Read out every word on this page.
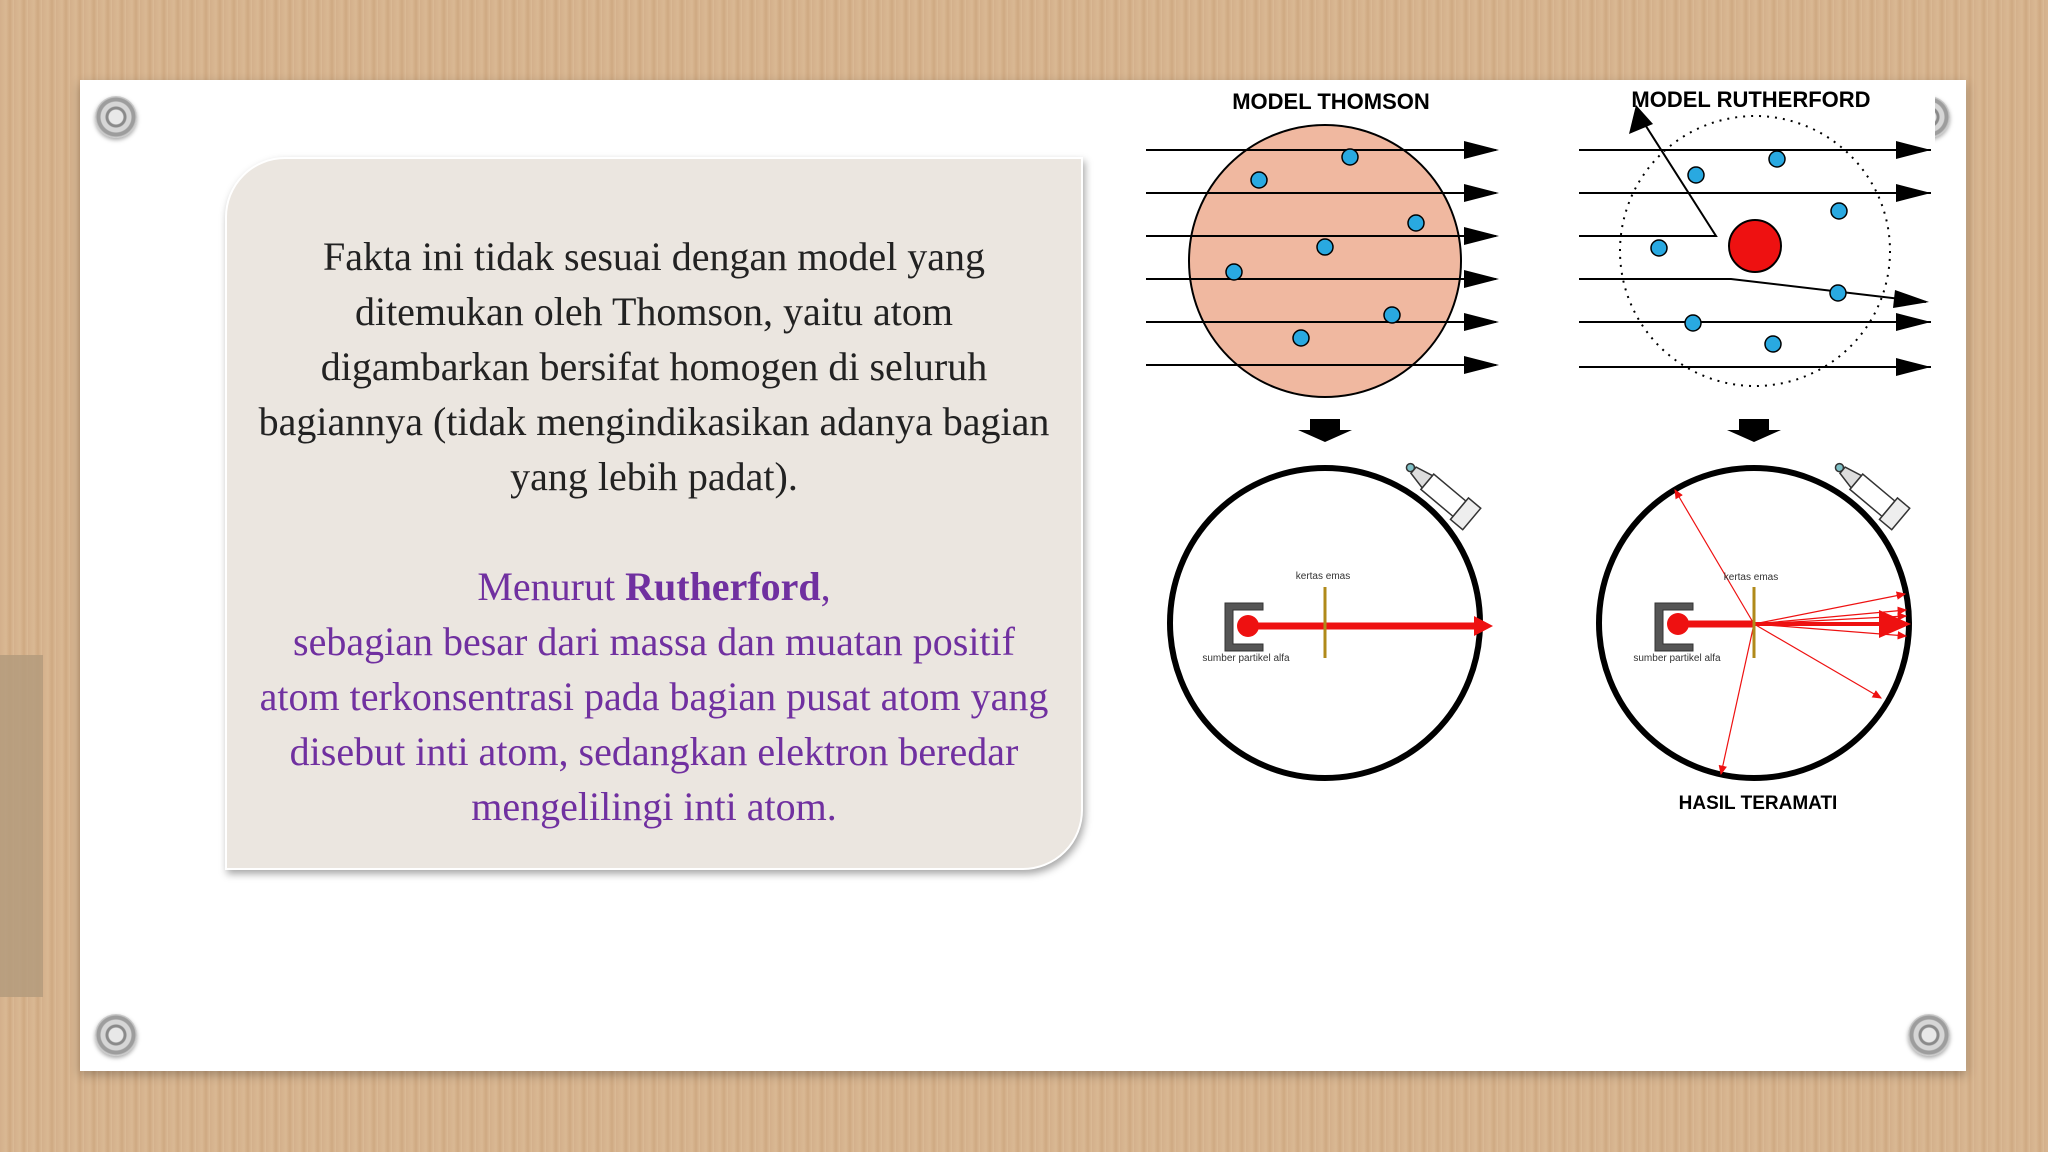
Fakta ini tidak sesuai dengan model yang ditemukan oleh Thomson, yaitu atom digambarkan bersifat homogen di seluruh bagiannya (tidak mengindikasikan adanya bagian yang lebih padat).

Menurut Rutherford,
sebagian besar dari massa dan muatan positif atom terkonsentrasi pada bagian pusat atom yang disebut inti atom, sedangkan elektron beredar mengelilingi inti atom.

MODEL THOMSON	MODEL RUTHERFORD
kertas emas
sumber partikel alfa
kertas emas
sumber partikel alfa
HASIL TERAMATI
